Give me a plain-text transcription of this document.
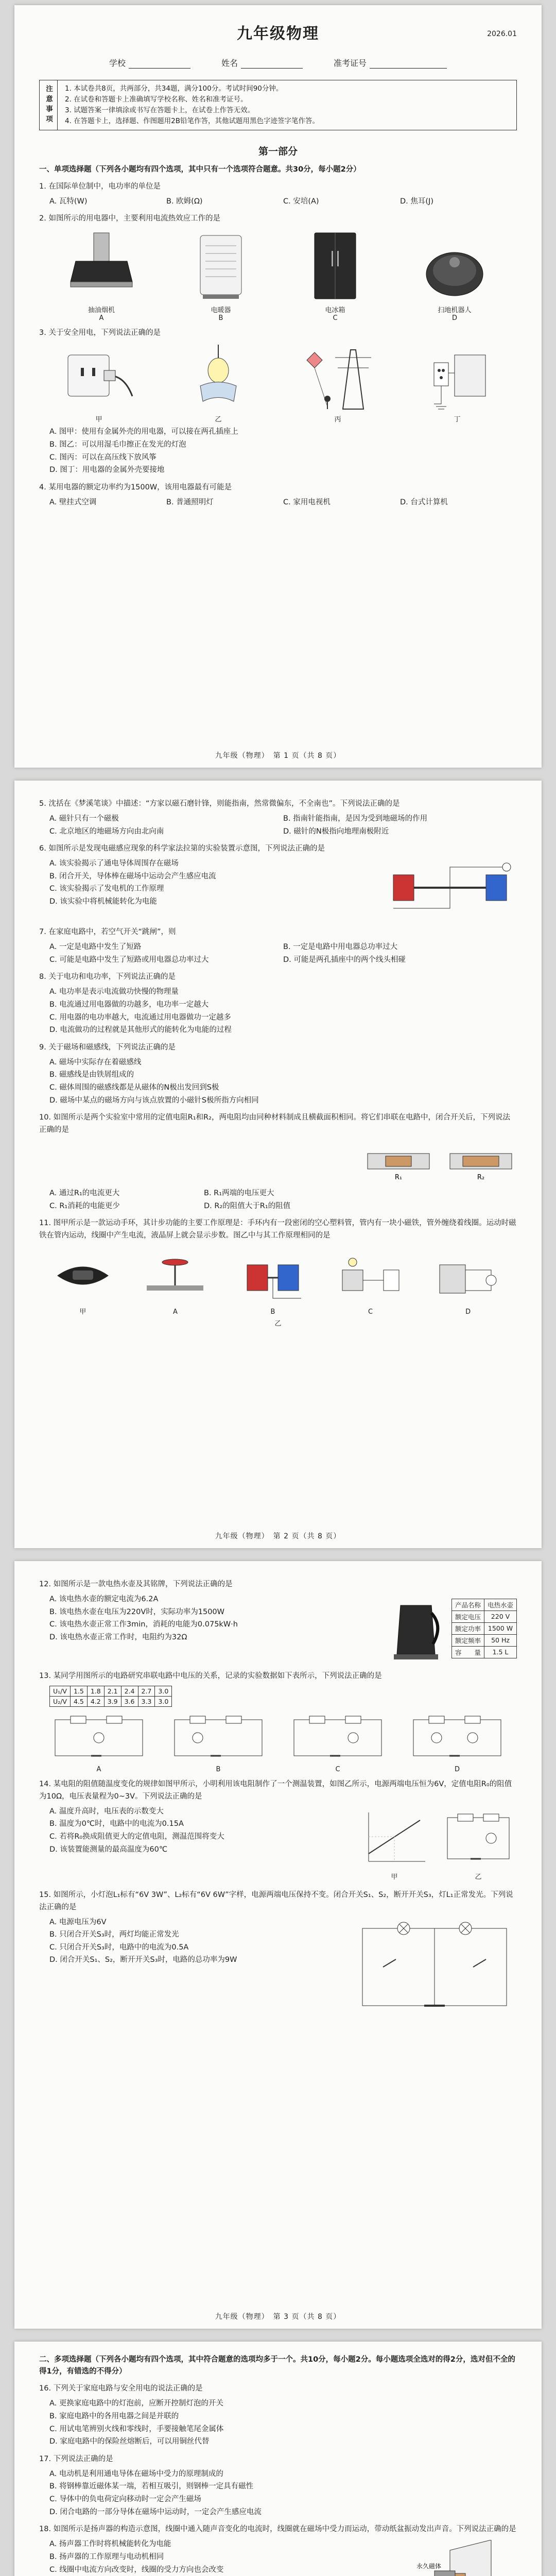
九年级物理	2026.01
学校	姓名	准考证号
注意事项	1. 本试卷共8页，共两部分，共34题，满分100分。考试时间90分钟。
2. 在试卷和答题卡上准确填写学校名称、姓名和准考证号。
3. 试题答案一律填涂或书写在答题卡上，在试卷上作答无效。
4. 在答题卡上，选择题、作图题用2B铅笔作答，其他试题用黑色字迹签字笔作答。
第一部分
一、单项选择题（下列各小题均有四个选项，其中只有一个选项符合题意。共30分，每小题2分）
1. 在国际单位制中，电功率的单位是
A. 瓦特(W)	B. 欧姆(Ω)	C. 安培(A)	D. 焦耳(J)
2. 如图所示的用电器中，主要利用电流热效应工作的是
抽油烟机
A
电暖器
B
电冰箱
C
扫地机器人
D
3. 关于安全用电，下列说法正确的是
甲	乙	丙	丁
A. 图甲：使用有金属外壳的用电器，可以接在两孔插座上
B. 图乙：可以用湿毛巾擦正在发光的灯泡
C. 图丙：可以在高压线下放风筝
D. 图丁：用电器的金属外壳要接地
4. 某用电器的额定功率约为1500W，该用电器最有可能是
A. 壁挂式空调	B. 普通照明灯	C. 家用电视机	D. 台式计算机
九年级（物理）　第 1 页（共 8 页）
5. 沈括在《梦溪笔谈》中描述：“方家以磁石磨针锋，则能指南，然常微偏东，不全南也”。下列说法正确的是
A. 磁针只有一个磁极	B. 指南针能指南，是因为受到地磁场的作用
C. 北京地区的地磁场方向由北向南	D. 磁针的N极指向地理南极附近
6. 如图所示是发现电磁感应现象的科学家法拉第的实验装置示意图，下列说法正确的是
A. 该实验揭示了通电导体周围存在磁场
B. 闭合开关，导体棒在磁场中运动会产生感应电流
C. 该实验揭示了发电机的工作原理
D. 该实验中将机械能转化为电能
7. 在家庭电路中，若空气开关“跳闸”，则
A. 一定是电路中发生了短路	B. 一定是电路中用电器总功率过大
C. 可能是电路中发生了短路或用电器总功率过大	D. 可能是两孔插座中的两个线头相碰
8. 关于电功和电功率，下列说法正确的是
A. 电功率是表示电流做功快慢的物理量
B. 电流通过用电器做的功越多，电功率一定越大
C. 用电器的电功率越大，电流通过用电器做功一定越多
D. 电流做功的过程就是其他形式的能转化为电能的过程
9. 关于磁场和磁感线，下列说法正确的是
A. 磁场中实际存在着磁感线
B. 磁感线是由铁屑组成的
C. 磁体周围的磁感线都是从磁体的N极出发回到S极
D. 磁场中某点的磁场方向与该点放置的小磁针S极所指方向相同
10. 如图所示是两个实验室中常用的定值电阻R₁和R₂，两电阻均由同种材料制成且横截面积相同。将它们串联在电路中，闭合开关后，下列说法正确的是
R₁	R₂
A. 通过R₁的电流更大	B. R₁两端的电压更大
C. R₁消耗的电能更少	D. R₂的阻值大于R₁的阻值
11. 图甲所示是一款运动手环，其计步功能的主要工作原理是：手环内有一段密闭的空心塑料管，管内有一块小磁铁，管外缠绕着线圈。运动时磁铁在管内运动，线圈中产生电流，液晶屏上就会显示步数。图乙中与其工作原理相同的是
甲	A	B	C	D
乙
九年级（物理）　第 2 页（共 8 页）
12. 如图所示是一款电热水壶及其铭牌，下列说法正确的是
产品名称	电热水壶
额定电压	220 V
额定功率	1500 W
额定频率	50 Hz
容　　量	1.5 L
A. 该电热水壶的额定电流为6.2A
B. 该电热水壶在电压为220V时，实际功率为1500W
C. 该电热水壶正常工作3min，消耗的电能为0.075kW·h
D. 该电热水壶正常工作时，电阻约为32Ω
13. 某同学用图所示的电路研究串联电路中电压的关系，记录的实验数据如下表所示，下列说法正确的是
U₁/V	1.5	1.8	2.1	2.4	2.7	3.0
U₂/V	4.5	4.2	3.9	3.6	3.3	3.0
A	B	C	D
14. 某电阻的阻值随温度变化的规律如图甲所示，小明利用该电阻制作了一个测温装置，如图乙所示，电源两端电压恒为6V，定值电阻R₀的阻值为10Ω，电压表量程为0~3V。下列说法正确的是
甲	乙
A. 温度升高时，电压表的示数变大
B. 温度为0℃时，电路中的电流为0.15A
C. 若将R₀换成阻值更大的定值电阻，测温范围将变大
D. 该装置能测量的最高温度为60℃
15. 如图所示，小灯泡L₁标有“6V 3W”、L₂标有“6V 6W”字样，电源两端电压保持不变。闭合开关S₁、S₂，断开开关S₃，灯L₁正常发光。下列说法正确的是
A. 电源电压为6V
B. 只闭合开关S₃时，两灯均能正常发光
C. 只闭合开关S₃时，电路中的电流为0.5A
D. 闭合开关S₁、S₂，断开开关S₃时，电路的总功率为9W
九年级（物理）　第 3 页（共 8 页）
二、多项选择题（下列各小题均有四个选项，其中符合题意的选项均多于一个。共10分，每小题2分。每小题选项全选对的得2分，选对但不全的得1分，有错选的不得分）
16. 下列关于家庭电路与安全用电的说法正确的是
A. 更换家庭电路中的灯泡前，应断开控制灯泡的开关
B. 家庭电路中的各用电器之间是并联的
C. 用试电笔辨别火线和零线时，手要接触笔尾金属体
D. 家庭电路中的保险丝熔断后，可以用铜丝代替
17. 下列说法正确的是
A. 电动机是利用通电导体在磁场中受力的原理制成的
B. 将钢棒靠近磁体某一端，若相互吸引，则钢棒一定具有磁性
C. 导体中的负电荷定向移动时一定会产生磁场
D. 闭合电路的一部分导体在磁场中运动时，一定会产生感应电流
18. 如图所示是扬声器的构造示意图，线圈中通入随声音变化的电流时，线圈就在磁场中受力而运动，带动纸盆振动发出声音。下列说法正确的是
永久磁体
A. 扬声器工作时将机械能转化为电能
B. 扬声器的工作原理与电动机相同
C. 线圈中电流方向改变时，线圈的受力方向也会改变
